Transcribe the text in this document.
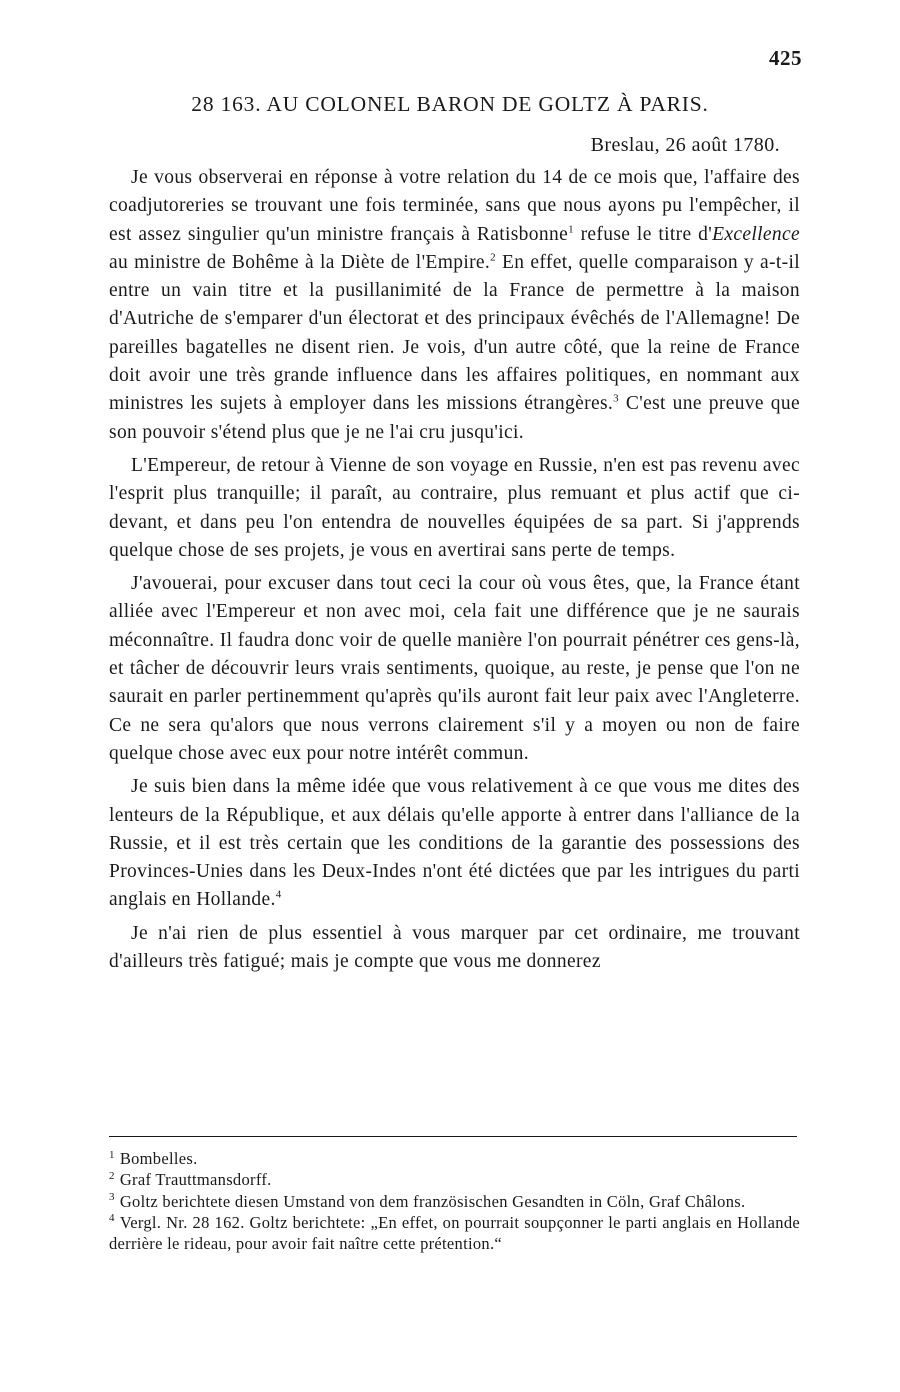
425
28 163. AU COLONEL BARON DE GOLTZ À PARIS.
Breslau, 26 août 1780.

Je vous observerai en réponse à votre relation du 14 de ce mois que, l'affaire des coadjutoreries se trouvant une fois terminée, sans que nous ayons pu l'empêcher, il est assez singulier qu'un ministre français à Ratisbonne$^1$ refuse le titre d'Excellence au ministre de Bohême à la Diète de l'Empire.$^2$ En effet, quelle comparaison y a-t-il entre un vain titre et la pusillanimité de la France de permettre à la maison d'Autriche de s'emparer d'un électorat et des principaux évêchés de l'Allemagne! De pareilles bagatelles ne disent rien. Je vois, d'un autre côté, que la reine de France doit avoir une très grande influence dans les affaires politiques, en nommant aux ministres les sujets à employer dans les missions étrangères.$^3$ C'est une preuve que son pouvoir s'étend plus que je ne l'ai cru jusqu'ici.

L'Empereur, de retour à Vienne de son voyage en Russie, n'en est pas revenu avec l'esprit plus tranquille; il paraît, au contraire, plus remuant et plus actif que ci-devant, et dans peu l'on entendra de nouvelles équipées de sa part. Si j'apprends quelque chose de ses projets, je vous en avertirai sans perte de temps.

J'avouerai, pour excuser dans tout ceci la cour où vous êtes, que, la France étant alliée avec l'Empereur et non avec moi, cela fait une différence que je ne saurais méconnaître. Il faudra donc voir de quelle manière l'on pourrait pénétrer ces gens-là, et tâcher de découvrir leurs vrais sentiments, quoique, au reste, je pense que l'on ne saurait en parler pertinemment qu'après qu'ils auront fait leur paix avec l'Angleterre. Ce ne sera qu'alors que nous verrons clairement s'il y a moyen ou non de faire quelque chose avec eux pour notre intérêt commun.

Je suis bien dans la même idée que vous relativement à ce que vous me dites des lenteurs de la République, et aux délais qu'elle apporte à entrer dans l'alliance de la Russie, et il est très certain que les conditions de la garantie des possessions des Provinces-Unies dans les Deux-Indes n'ont été dictées que par les intrigues du parti anglais en Hollande.$^4$

Je n'ai rien de plus essentiel à vous marquer par cet ordinaire, me trouvant d'ailleurs très fatigué; mais je compte que vous me donnerez

$^1$ Bombelles.

$^2$ Graf Trauttmansdorff.

$^3$ Goltz berichtete diesen Umstand von dem französischen Gesandten in Cöln, Graf Châlons.

$^4$ Vergl. Nr. 28 162. Goltz berichtete: „En effet, on pourrait soupçonner le parti anglais en Hollande derrière le rideau, pour avoir fait naître cette prétention.“
